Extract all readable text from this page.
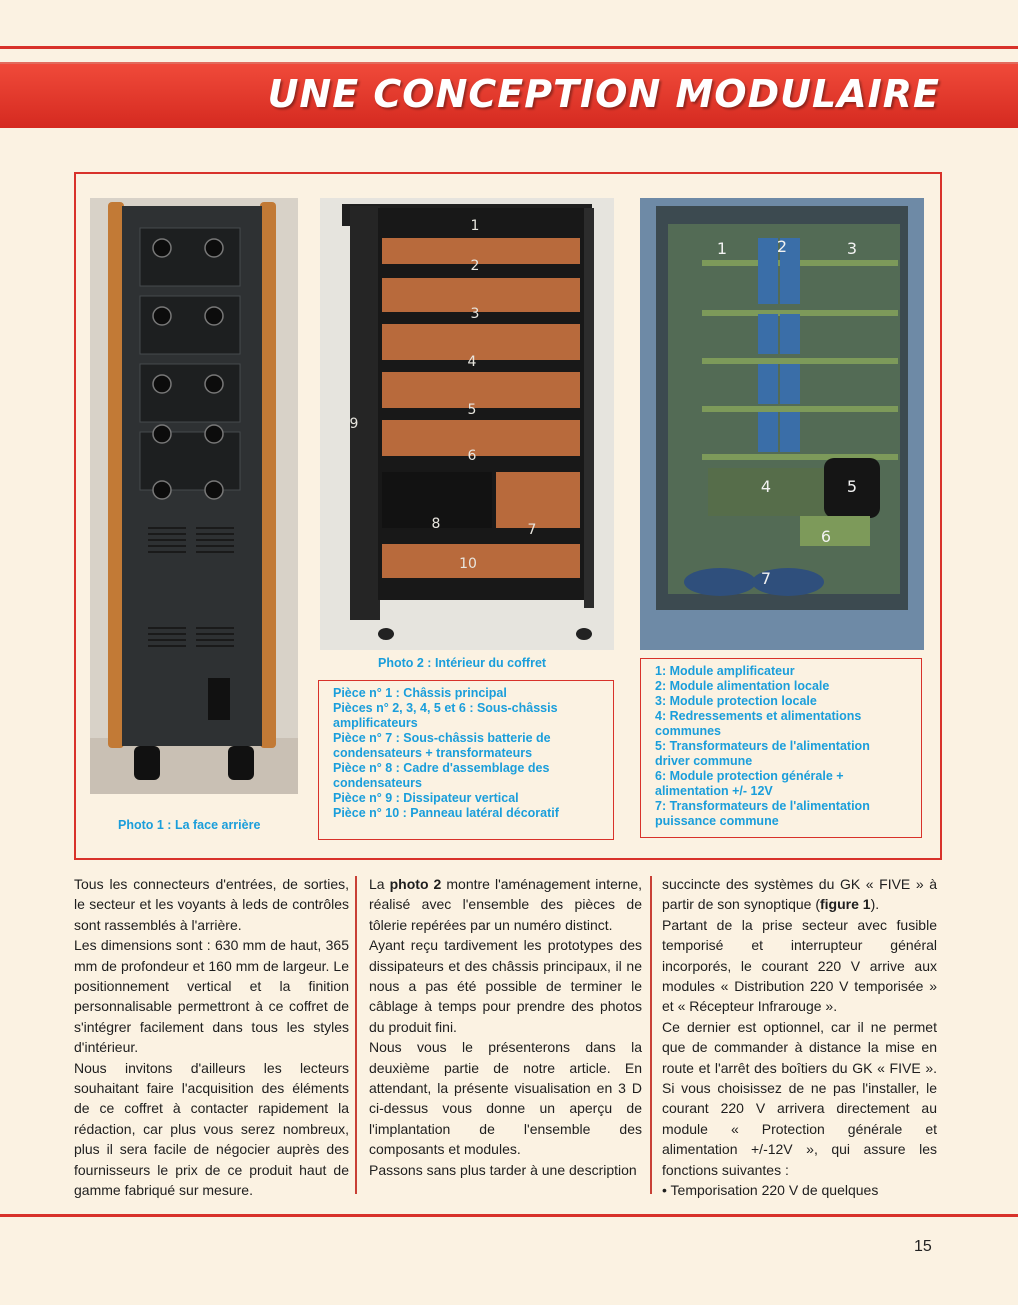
UNE CONCEPTION MODULAIRE
Photo 1 : La face arrière
1
2
3
4
5
6
7
8
9
10
Photo 2 : Intérieur du coffret
1	2	3
4	5
6
7
Pièce n° 1 : Châssis principal
Pièces n° 2, 3, 4, 5 et 6 : Sous-châssis amplificateurs
Pièce n° 7 : Sous-châssis batterie de condensateurs + transformateurs
Pièce n° 8 : Cadre d'assemblage des condensateurs
Pièce n° 9 : Dissipateur vertical
Pièce n° 10 : Panneau latéral décoratif
1: Module amplificateur
2: Module alimentation locale
3: Module protection locale
4: Redressements et alimentations communes
5: Transformateurs de l'alimentation driver commune
6: Module protection générale + alimentation +/- 12V
7: Transformateurs de l'alimentation puissance commune

Tous les connecteurs d'entrées, de sorties, le secteur et les voyants à leds de contrôles sont rassemblés à l'arrière.

Les dimensions sont : 630 mm de haut, 365 mm de profondeur et 160 mm de largeur. Le positionnement vertical et la finition personnalisable permettront à ce coffret de s'intégrer facilement dans tous les styles d'intérieur.

Nous invitons d'ailleurs les lecteurs souhaitant faire l'acquisition des éléments de ce coffret à contacter rapidement la rédaction, car plus vous serez nombreux, plus il sera facile de négocier auprès des fournisseurs le prix de ce produit haut de gamme fabriqué sur mesure.

La photo 2 montre l'aménagement interne, réalisé avec l'ensemble des pièces de tôlerie repérées par un numéro distinct.

Ayant reçu tardivement les prototypes des dissipateurs et des châssis principaux, il ne nous a pas été possible de terminer le câblage à temps pour prendre des photos du produit fini.

Nous vous le présenterons dans la deuxième partie de notre article. En attendant, la présente visualisation en 3 D ci-dessus vous donne un aperçu de l'implantation de l'ensemble des composants et modules.

Passons sans plus tarder à une description

succincte des systèmes du GK « FIVE » à partir de son synoptique (figure 1).

Partant de la prise secteur avec fusible temporisé et interrupteur général incorporés, le courant 220 V arrive aux modules « Distribution 220 V temporisée » et « Récepteur Infrarouge ».

Ce dernier est optionnel, car il ne permet que de commander à distance la mise en route et l'arrêt des boîtiers du GK « FIVE ». Si vous choisissez de ne pas l'installer, le courant 220 V arrivera directement au module « Protection générale et alimentation +/-12V », qui assure les fonctions suivantes :

• Temporisation 220 V de quelques

15
